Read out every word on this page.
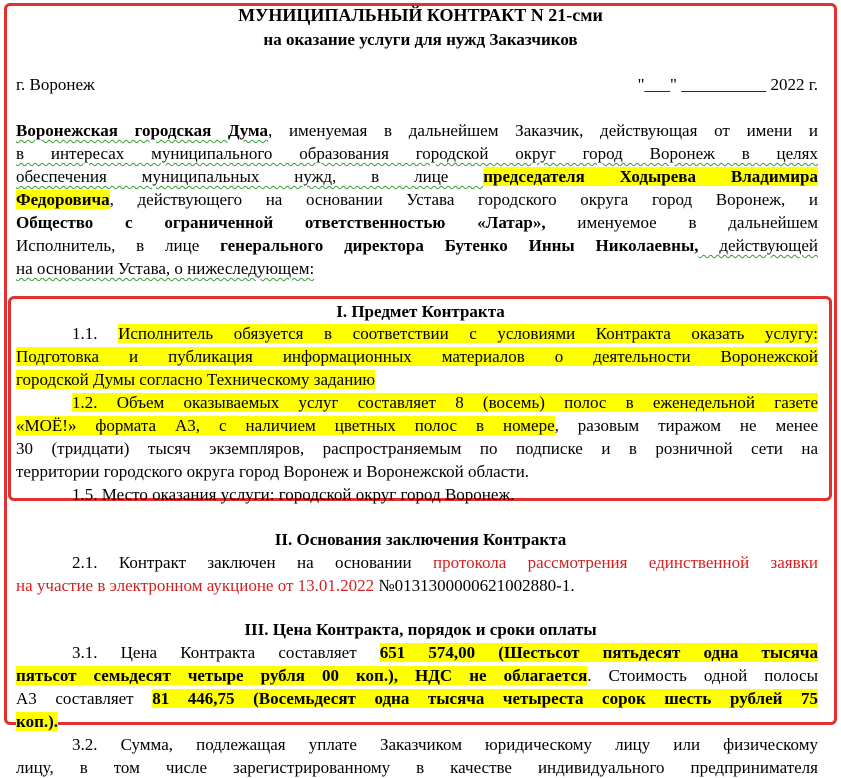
МУНИЦИПАЛЬНЫЙ КОНТРАКТ N 21-сми
на оказание услуги для нужд Заказчиков
г. Воронеж	"___" __________ 2022 г.
Воронежская городская Дума, именуемая в дальнейшем Заказчик, действующая от имени и
в интересах муниципального образования городской округ город Воронеж в целях
обеспечения муниципальных нужд, в лице председателя Ходырева Владимира
Федоровича, действующего на основании Устава городского округа город Воронеж, и
Общество с ограниченной ответственностью «Латар», именуемое в дальнейшем
Исполнитель, в лице генерального директора Бутенко Инны Николаевны, действующей
на основании Устава, о нижеследующем:
I. Предмет Контракта
1.1. Исполнитель обязуется в соответствии с условиями Контракта оказать услугу:
Подготовка и публикация информационных материалов о деятельности Воронежской
городской Думы согласно Техническому заданию
1.2. Объем оказываемых услуг составляет 8 (восемь) полос в еженедельной газете
«МОЁ!» формата А3, с наличием цветных полос в номере, разовым тиражом не менее
30 (тридцати) тысяч экземпляров, распространяемым по подписке и в розничной сети на
территории городского округа город Воронеж и Воронежской области.
1.5. Место оказания услуги: городской округ город Воронеж.
II. Основания заключения Контракта
2.1. Контракт заключен на основании протокола рассмотрения единственной заявки
на участие в электронном аукционе от 13.01.2022 №0131300000621002880-1.
III. Цена Контракта, порядок и сроки оплаты
3.1. Цена Контракта составляет 651 574,00 (Шестьсот пятьдесят одна тысяча
пятьсот семьдесят четыре рубля 00 коп.), НДС не облагается. Стоимость одной полосы
А3 составляет 81 446,75 (Восемьдесят одна тысяча четыреста сорок шесть рублей 75
коп.).
3.2. Сумма, подлежащая уплате Заказчиком юридическому лицу или физическому
лицу, в том числе зарегистрированному в качестве индивидуального предпринимателя
